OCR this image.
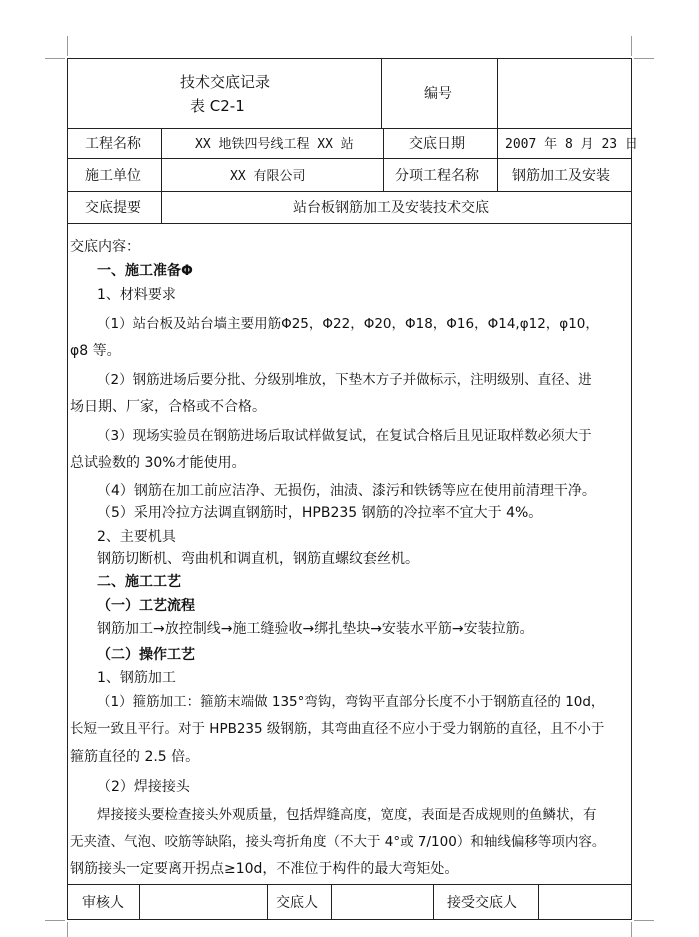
技术交底记录
表 C2-1
编号
工程名称	XX 地铁四号线工程 XX 站	交底日期	2007 年 8 月 23 日
施工单位	XX 有限公司	分项工程名称 钢筋加工及安装
交底提要	站台板钢筋加工及安装技术交底
交底内容：
一、施工准备Φ
1、材料要求
（1）站台板及站台墙主要用筋Φ25，Φ22，Φ20，Φ18，Φ16，Φ14,φ12，φ10，
φ8 等。
（2）钢筋进场后要分批、分级别堆放，下垫木方子并做标示，注明级别、直径、进
场日期、厂家，合格或不合格。
（3）现场实验员在钢筋进场后取试样做复试，在复试合格后且见证取样数必须大于
总试验数的 30%才能使用。
（4）钢筋在加工前应洁净、无损伤，油渍、漆污和铁锈等应在使用前清理干净。
（5）采用冷拉方法调直钢筋时，HPB235 钢筋的冷拉率不宜大于 4%。
2、主要机具
钢筋切断机、弯曲机和调直机，钢筋直螺纹套丝机。
二、施工工艺
（一）工艺流程
钢筋加工→放控制线→施工缝验收→绑扎垫块→安装水平筋→安装拉筋。
（二）操作工艺
1、钢筋加工
（1）箍筋加工：箍筋末端做 135°弯钩，弯钩平直部分长度不小于钢筋直径的 10d，
长短一致且平行。对于 HPB235 级钢筋，其弯曲直径不应小于受力钢筋的直径，且不小于
箍筋直径的 2.5 倍。
（2）焊接接头
焊接接头要检查接头外观质量，包括焊缝高度，宽度，表面是否成规则的鱼鳞状，有
无夹渣、气泡、咬筋等缺陷，接头弯折角度（不大于 4°或 7/100）和轴线偏移等项内容。
钢筋接头一定要离开拐点≥10d，不准位于构件的最大弯矩处。
审核人	交底人	接受交底人
